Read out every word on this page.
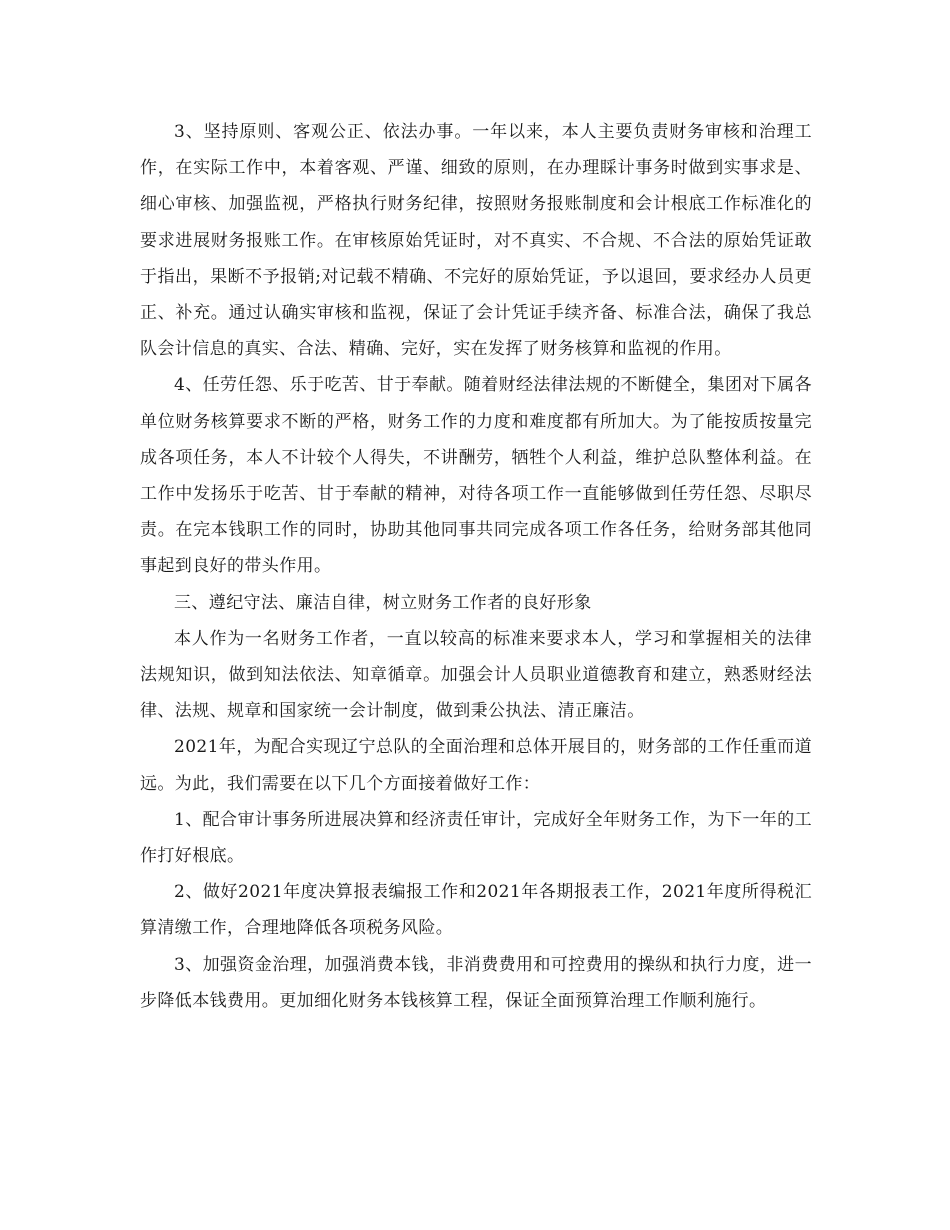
3、坚持原则、客观公正、依法办事。一年以来，本人主要负责财务审核和治理工作，在实际工作中，本着客观、严谨、细致的原则，在办理睬计事务时做到实事求是、细心审核、加强监视，严格执行财务纪律，按照财务报账制度和会计根底工作标准化的要求进展财务报账工作。在审核原始凭证时，对不真实、不合规、不合法的原始凭证敢于指出，果断不予报销;对记载不精确、不完好的原始凭证，予以退回，要求经办人员更正、补充。通过认确实审核和监视，保证了会计凭证手续齐备、标准合法，确保了我总队会计信息的真实、合法、精确、完好，实在发挥了财务核算和监视的作用。

4、任劳任怨、乐于吃苦、甘于奉献。随着财经法律法规的不断健全，集团对下属各单位财务核算要求不断的严格，财务工作的力度和难度都有所加大。为了能按质按量完成各项任务，本人不计较个人得失，不讲酬劳，牺牲个人利益，维护总队整体利益。在工作中发扬乐于吃苦、甘于奉献的精神，对待各项工作一直能够做到任劳任怨、尽职尽责。在完本钱职工作的同时，协助其他同事共同完成各项工作各任务，给财务部其他同事起到良好的带头作用。

三、遵纪守法、廉洁自律，树立财务工作者的良好形象

本人作为一名财务工作者，一直以较高的标准来要求本人，学习和掌握相关的法律法规知识，做到知法依法、知章循章。加强会计人员职业道德教育和建立，熟悉财经法律、法规、规章和国家统一会计制度，做到秉公执法、清正廉洁。

2021年，为配合实现辽宁总队的全面治理和总体开展目的，财务部的工作任重而道远。为此，我们需要在以下几个方面接着做好工作：

1、配合审计事务所进展决算和经济责任审计，完成好全年财务工作，为下一年的工作打好根底。

2、做好2021年度决算报表编报工作和2021年各期报表工作，2021年度所得税汇算清缴工作，合理地降低各项税务风险。

3、加强资金治理，加强消费本钱，非消费费用和可控费用的操纵和执行力度，进一步降低本钱费用。更加细化财务本钱核算工程，保证全面预算治理工作顺利施行。
